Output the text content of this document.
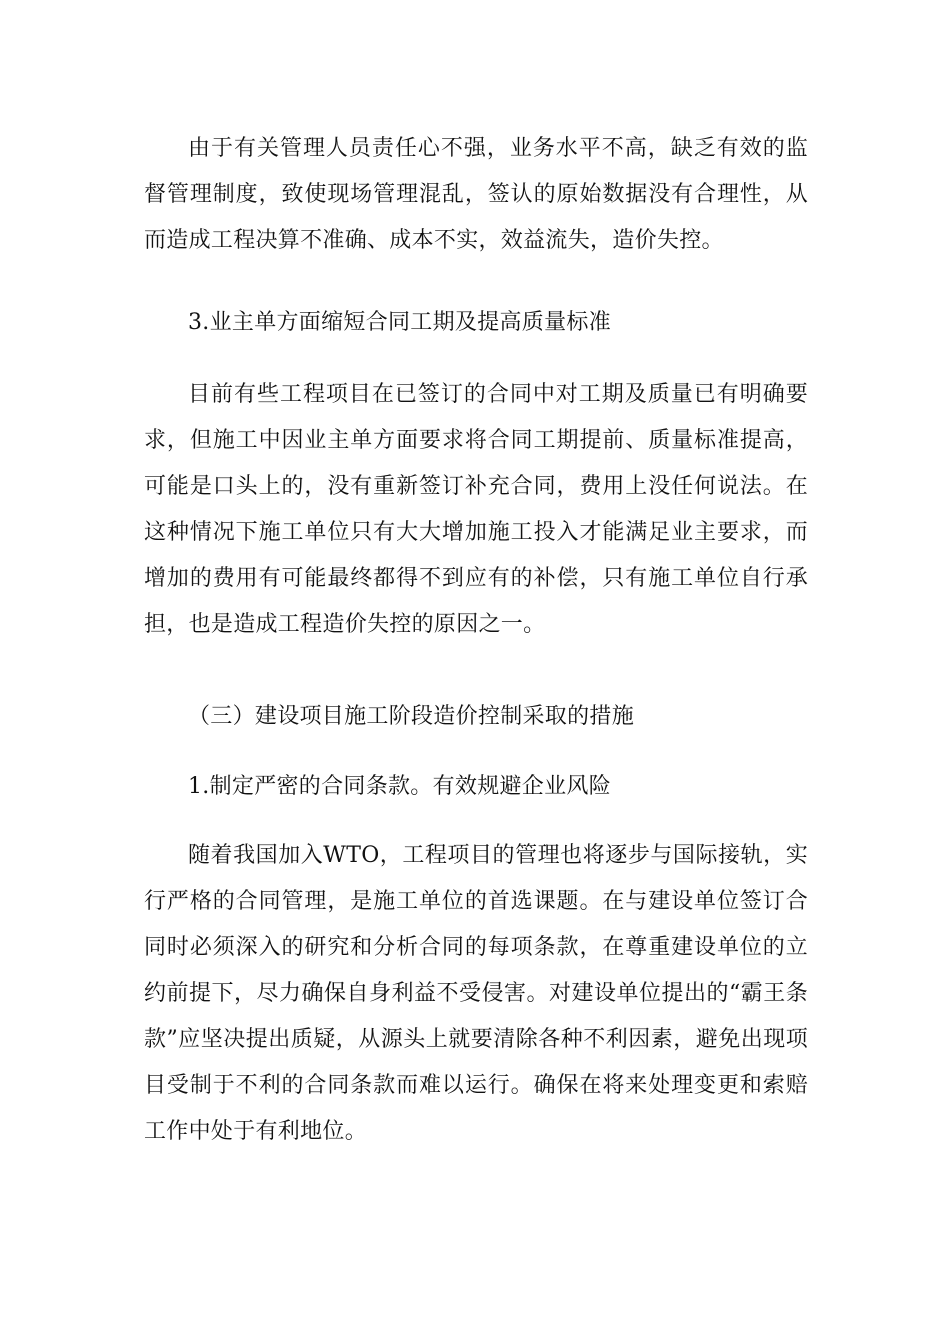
由于有关管理人员责任心不强，业务水平不高，缺乏有效的监督管理制度，致使现场管理混乱，签认的原始数据没有合理性，从而造成工程决算不准确、成本不实，效益流失，造价失控。

3.业主单方面缩短合同工期及提高质量标准

目前有些工程项目在已签订的合同中对工期及质量已有明确要求，但施工中因业主单方面要求将合同工期提前、质量标准提高，可能是口头上的，没有重新签订补充合同，费用上没任何说法。在这种情况下施工单位只有大大增加施工投入才能满足业主要求，而增加的费用有可能最终都得不到应有的补偿，只有施工单位自行承担，也是造成工程造价失控的原因之一。

（三）建设项目施工阶段造价控制采取的措施

1.制定严密的合同条款。有效规避企业风险

随着我国加入WTO，工程项目的管理也将逐步与国际接轨，实行严格的合同管理，是施工单位的首选课题。在与建设单位签订合同时必须深入的研究和分析合同的每项条款，在尊重建设单位的立约前提下，尽力确保自身利益不受侵害。对建设单位提出的“霸王条款”应坚决提出质疑，从源头上就要清除各种不利因素，避免出现项目受制于不利的合同条款而难以运行。确保在将来处理变更和索赔工作中处于有利地位。
